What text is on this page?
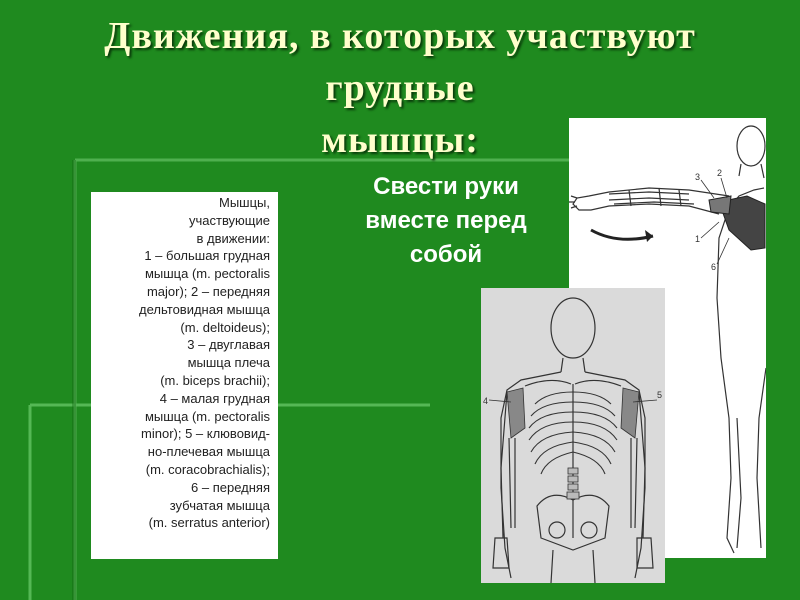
Движения, в которых участвуют
грудные
мышцы:
Свести руки
вместе перед
собой
Мышцы,
участвующие
в движении:
1 – большая грудная
мышца (m. pectoralis
major); 2 – передняя
дельтовидная мышца
(m. deltoideus);
3 – двуглавая
мышца плеча
(m. biceps brachii);
4 – малая грудная
мышца (m. pectoralis
minor); 5 – клювовид-
но-плечевая мышца
(m. coracobrachialis);
6 – передняя
зубчатая мышца
(m. serratus anterior)
3 2
1
6
4
5
